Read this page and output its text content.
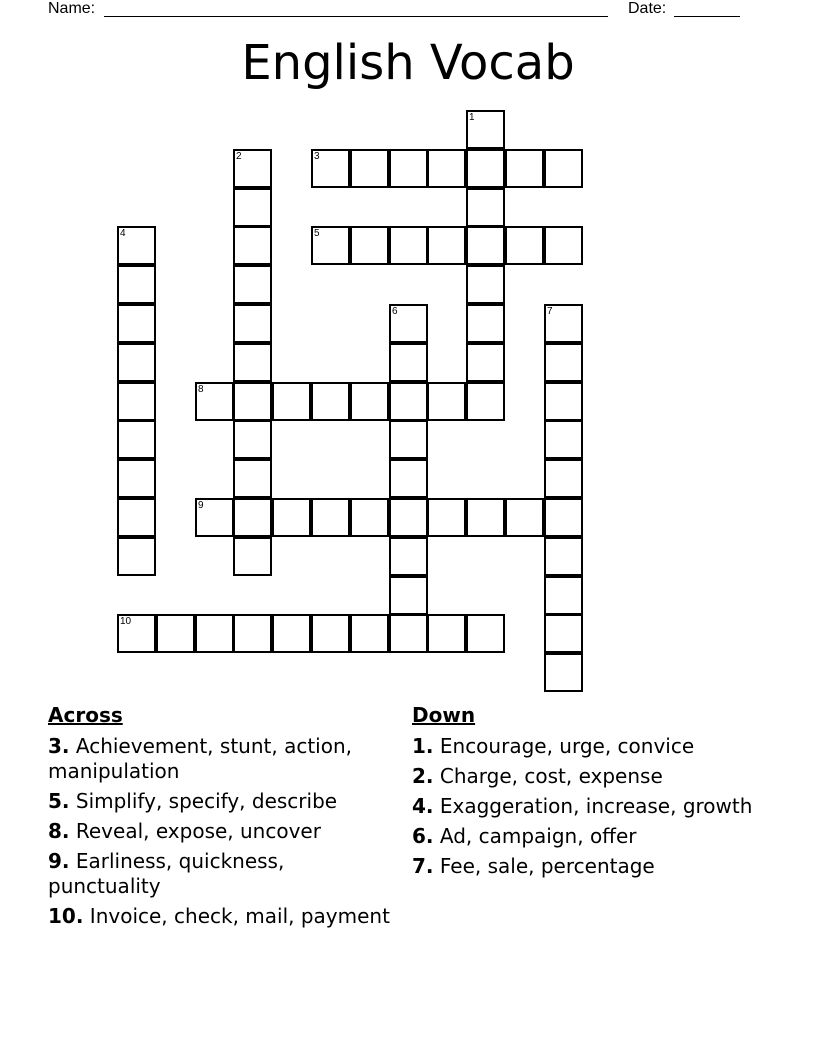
Name:	Date:
English Vocab
1
2	3
4	5
6	7
8
9
10
Across
3. Achievement, stunt, action, manipulation
5. Simplify, specify, describe
8. Reveal, expose, uncover
9. Earliness, quickness, punctuality
10. Invoice, check, mail, payment
Down
1. Encourage, urge, convice
2. Charge, cost, expense
4. Exaggeration, increase, growth
6. Ad, campaign, offer
7. Fee, sale, percentage
